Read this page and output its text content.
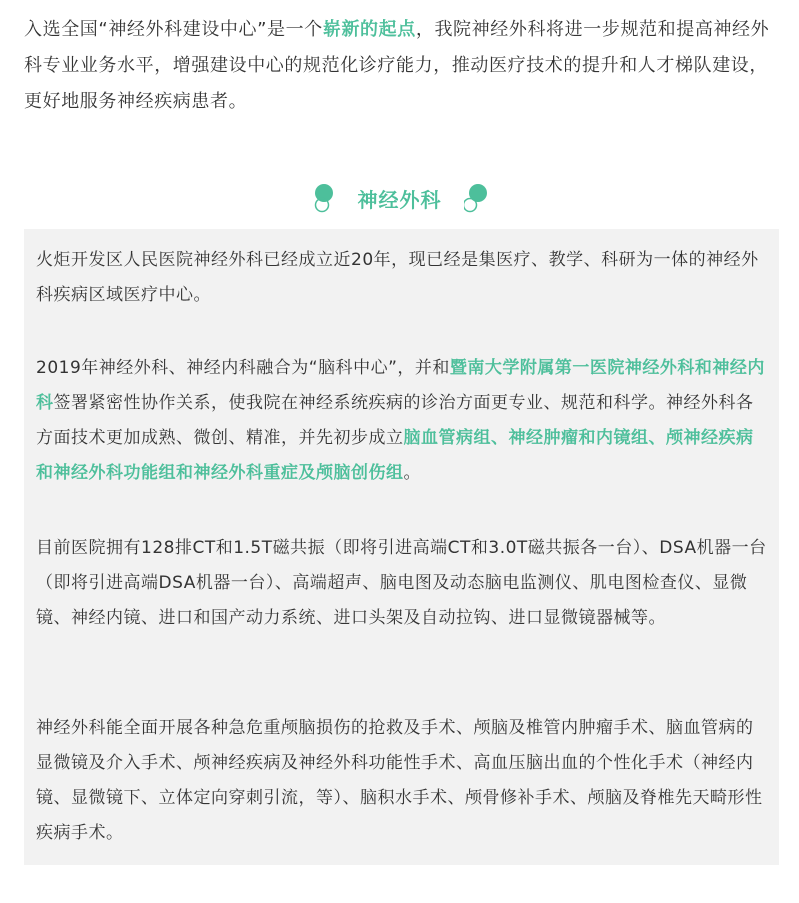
入选全国“神经外科建设中心”是一个崭新的起点，我院神经外科将进一步规范和提高神经外科专业业务水平，增强建设中心的规范化诊疗能力，推动医疗技术的提升和人才梯队建设，更好地服务神经疾病患者。

神经外科

火炬开发区人民医院神经外科已经成立近20年，现已经是集医疗、教学、科研为一体的神经外科疾病区域医疗中心。

2019年神经外科、神经内科融合为“脑科中心”，并和暨南大学附属第一医院神经外科和神经内科签署紧密性协作关系，使我院在神经系统疾病的诊治方面更专业、规范和科学。神经外科各方面技术更加成熟、微创、精准，并先初步成立脑血管病组、神经肿瘤和内镜组、颅神经疾病和神经外科功能组和神经外科重症及颅脑创伤组。

目前医院拥有128排CT和1.5T磁共振（即将引进高端CT和3.0T磁共振各一台）、DSA机器一台（即将引进高端DSA机器一台）、高端超声、脑电图及动态脑电监测仪、肌电图检查仪、显微镜、神经内镜、进口和国产动力系统、进口头架及自动拉钩、进口显微镜器械等。

神经外科能全面开展各种急危重颅脑损伤的抢救及手术、颅脑及椎管内肿瘤手术、脑血管病的显微镜及介入手术、颅神经疾病及神经外科功能性手术、高血压脑出血的个性化手术（神经内镜、显微镜下、立体定向穿刺引流，等）、脑积水手术、颅骨修补手术、颅脑及脊椎先天畸形性疾病手术。
